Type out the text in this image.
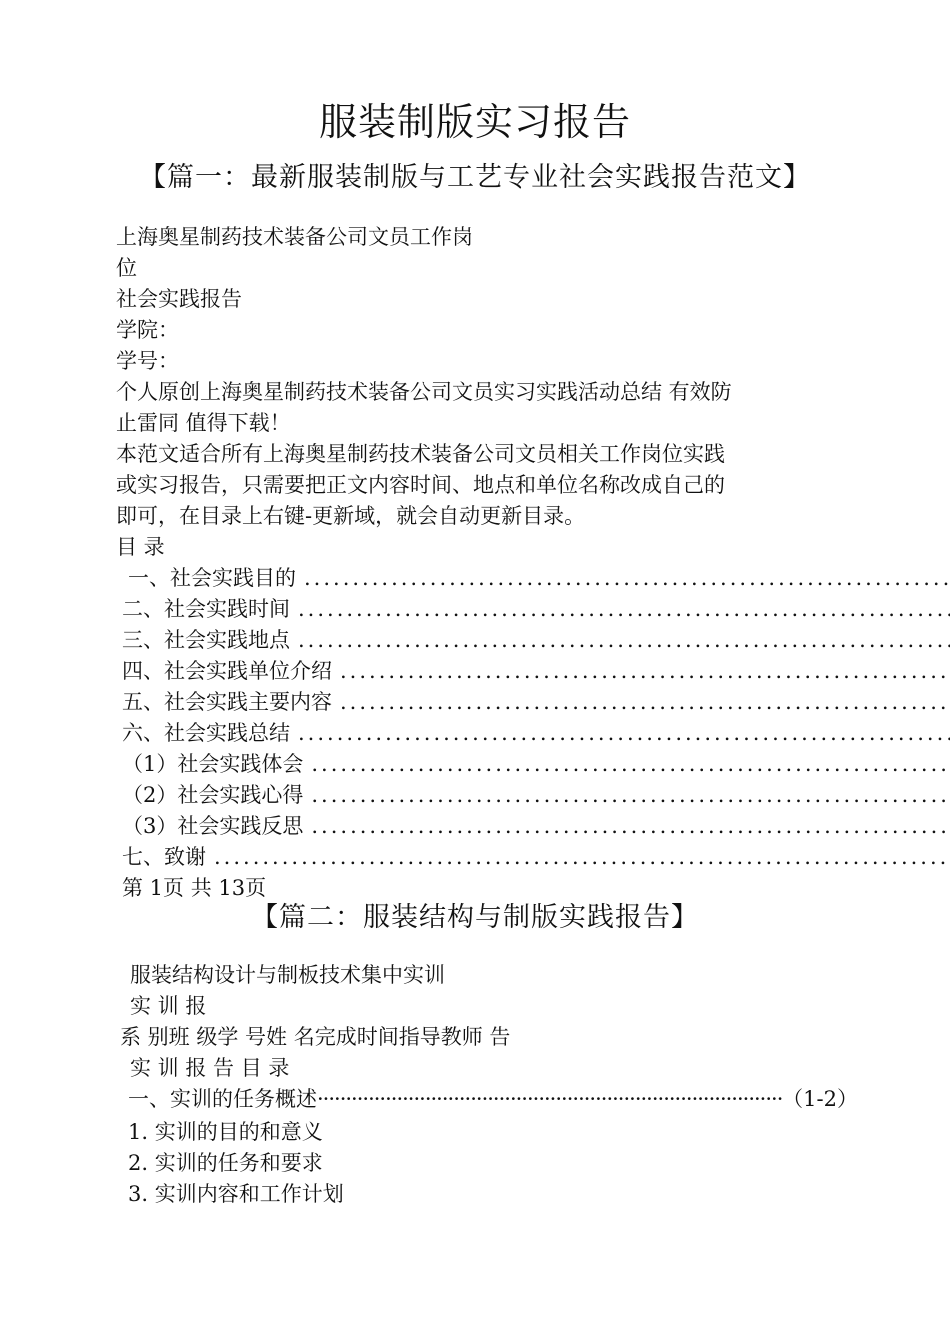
服装制版实习报告
【篇一：最新服装制版与工艺专业社会实践报告范文】
上海奥星制药技术装备公司文员工作岗
位
社会实践报告
学院：
学号：
个人原创上海奥星制药技术装备公司文员实习实践活动总结 有效防
止雷同 值得下载！
本范文适合所有上海奥星制药技术装备公司文员相关工作岗位实践
或实习报告，只需要把正文内容时间、地点和单位名称改成自己的
即可，在目录上右键-更新域，就会自动更新目录。
目 录
一、社会实践目的
.....
二、社会实践时间
.....
三、社会实践地点
.....
四、社会实践单位介绍
.....
五、社会实践主要内容
.....
六、社会实践总结
.....
（1）社会实践体会
.....
（2）社会实践心得
.....
（3）社会实践反思
.....
七、致谢
.....
第 1页 共 13页
【篇二：服装结构与制版实践报告】
服装结构设计与制板技术集中实训
实 训 报
系 别班 级学 号姓 名完成时间指导教师 告
实 训 报 告 目 录
一、实训的任务概述
·····	（1-2）
1. 实训的目的和意义
2. 实训的任务和要求
3. 实训内容和工作计划
